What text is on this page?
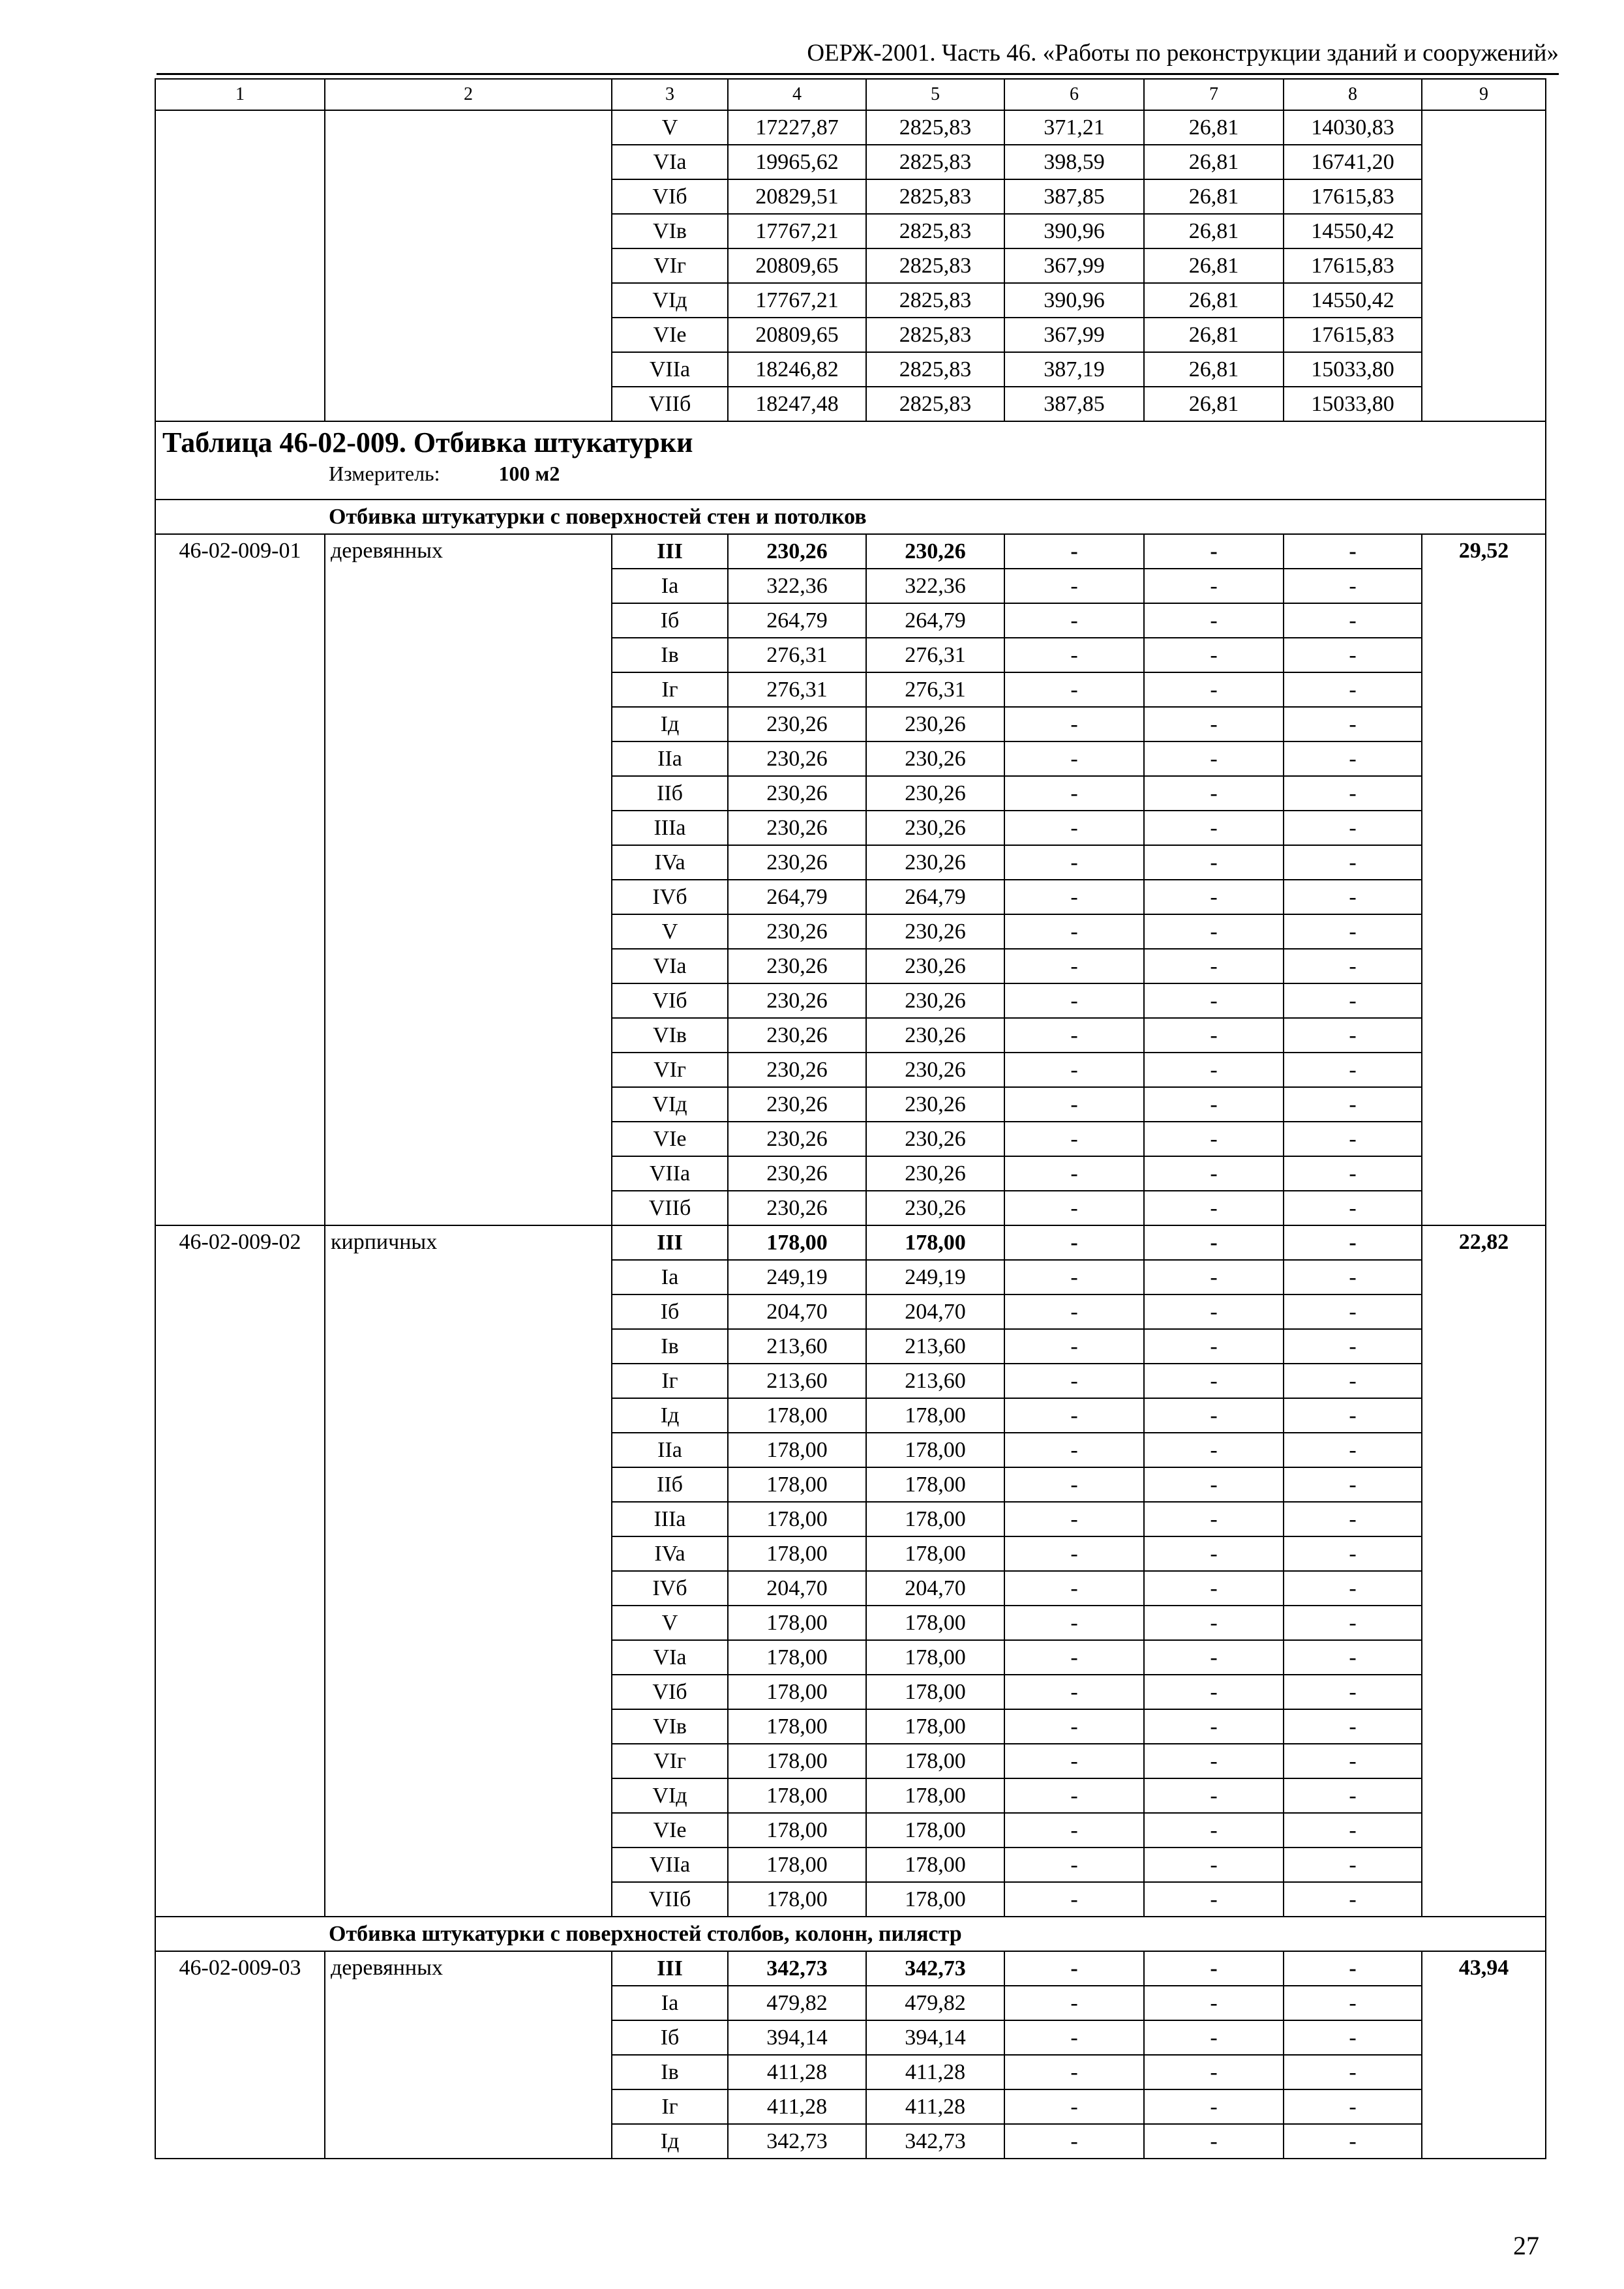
ОЕРЖ-2001. Часть 46. «Работы по реконструкции зданий и сооружений»
1	2	3	4	5	6	7	8	9
		V	17227,87	2825,83	371,21	26,81	14030,83	
		VIa	19965,62	2825,83	398,59	26,81	16741,20	
		VIб	20829,51	2825,83	387,85	26,81	17615,83	
		VIв	17767,21	2825,83	390,96	26,81	14550,42	
		VIг	20809,65	2825,83	367,99	26,81	17615,83	
		VIд	17767,21	2825,83	390,96	26,81	14550,42	
		VIе	20809,65	2825,83	367,99	26,81	17615,83	
		VIIa	18246,82	2825,83	387,19	26,81	15033,80	
		VIIб	18247,48	2825,83	387,85	26,81	15033,80	

Таблица 46-02-009. Отбивка штукатурки
Измеритель: 100 м2								

Отбивка штукатурки с поверхностей стен и потолков								
46-02-009-01	деревянных	III	230,26	230,26	-	-	-	29,52
		Ia	322,36	322,36	-	-	-	
		Iб	264,79	264,79	-	-	-	
		Iв	276,31	276,31	-	-	-	
		Iг	276,31	276,31	-	-	-	
		Iд	230,26	230,26	-	-	-	
		IIa	230,26	230,26	-	-	-	
		IIб	230,26	230,26	-	-	-	
		IIIa	230,26	230,26	-	-	-	
		IVa	230,26	230,26	-	-	-	
		IVб	264,79	264,79	-	-	-	
		V	230,26	230,26	-	-	-	
		VIa	230,26	230,26	-	-	-	
		VIб	230,26	230,26	-	-	-	
		VIв	230,26	230,26	-	-	-	
		VIг	230,26	230,26	-	-	-	
		VIд	230,26	230,26	-	-	-	
		VIе	230,26	230,26	-	-	-	
		VIIa	230,26	230,26	-	-	-	
		VIIб	230,26	230,26	-	-	-	
46-02-009-02	кирпичных	III	178,00	178,00	-	-	-	22,82
		Ia	249,19	249,19	-	-	-	
		Iб	204,70	204,70	-	-	-	
		Iв	213,60	213,60	-	-	-	
		Iг	213,60	213,60	-	-	-	
		Iд	178,00	178,00	-	-	-	
		IIa	178,00	178,00	-	-	-	
		IIб	178,00	178,00	-	-	-	
		IIIa	178,00	178,00	-	-	-	
		IVa	178,00	178,00	-	-	-	
		IVб	204,70	204,70	-	-	-	
		V	178,00	178,00	-	-	-	
		VIa	178,00	178,00	-	-	-	
		VIб	178,00	178,00	-	-	-	
		VIв	178,00	178,00	-	-	-	
		VIг	178,00	178,00	-	-	-	
		VIд	178,00	178,00	-	-	-	
		VIе	178,00	178,00	-	-	-	
		VIIa	178,00	178,00	-	-	-	
		VIIб	178,00	178,00	-	-	-	
Отбивка штукатурки с поверхностей столбов, колонн, пилястр								
46-02-009-03	деревянных	III	342,73	342,73	-	-	-	43,94
		Ia	479,82	479,82	-	-	-	
		Iб	394,14	394,14	-	-	-	
		Iв	411,28	411,28	-	-	-	
		Iг	411,28	411,28	-	-	-	
		Iд	342,73	342,73	-	-	-	
27
